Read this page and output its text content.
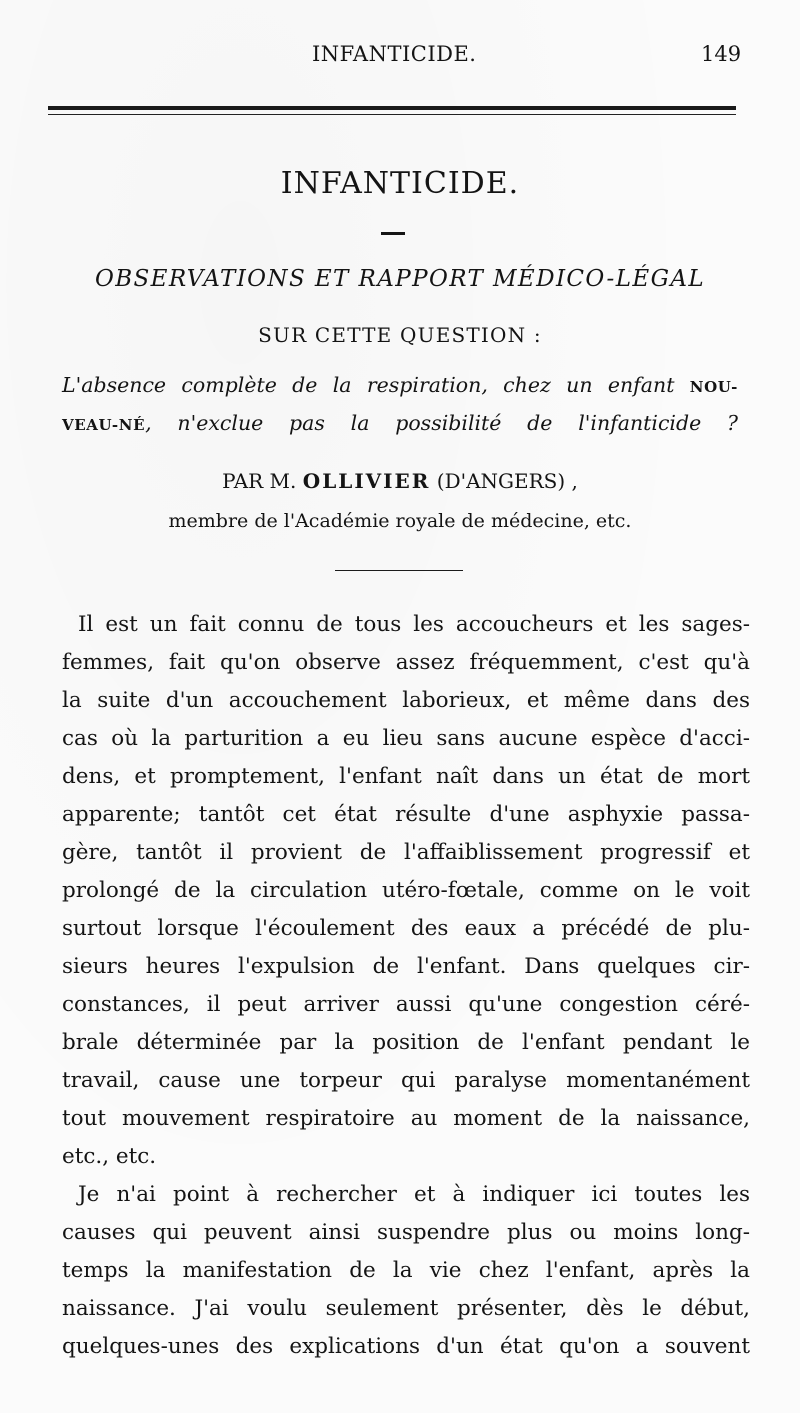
INFANTICIDE.	149
INFANTICIDE.
OBSERVATIONS ET RAPPORT MÉDICO-LÉGAL
SUR CETTE QUESTION :
L'absence complète de la respiration, chez un enfant NOU-
VEAU-NÉ, n'exclue pas la possibilité de l'infanticide ?
PAR M. OLLIVIER (D'ANGERS) ,
membre de l'Académie royale de médecine, etc.
Il est un fait connu de tous les accoucheurs et les sages-
femmes, fait qu'on observe assez fréquemment, c'est qu'à
la suite d'un accouchement laborieux, et même dans des
cas où la parturition a eu lieu sans aucune espèce d'acci-
dens, et promptement, l'enfant naît dans un état de mort
apparente; tantôt cet état résulte d'une asphyxie passa-
gère, tantôt il provient de l'affaiblissement progressif et
prolongé de la circulation utéro-fœtale, comme on le voit
surtout lorsque l'écoulement des eaux a précédé de plu-
sieurs heures l'expulsion de l'enfant. Dans quelques cir-
constances, il peut arriver aussi qu'une congestion céré-
brale déterminée par la position de l'enfant pendant le
travail, cause une torpeur qui paralyse momentanément
tout mouvement respiratoire au moment de la naissance,
etc., etc.
Je n'ai point à rechercher et à indiquer ici toutes les
causes qui peuvent ainsi suspendre plus ou moins long-
temps la manifestation de la vie chez l'enfant, après la
naissance. J'ai voulu seulement présenter, dès le début,
quelques-unes des explications d'un état qu'on a souvent
